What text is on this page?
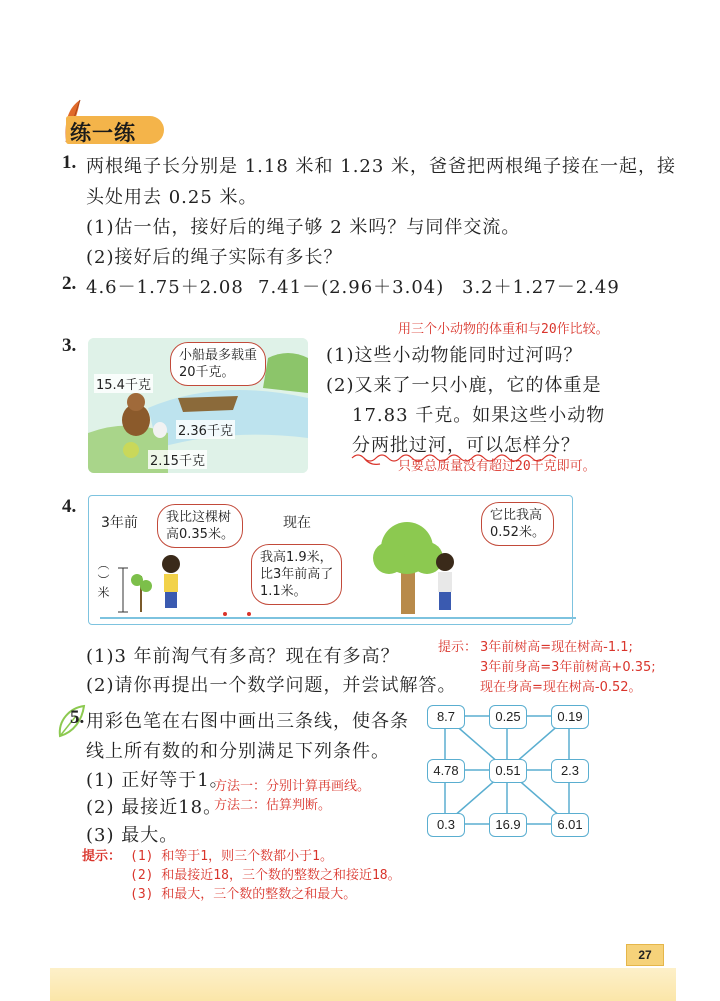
练一练
1. 两根绳子长分别是 1.18 米和 1.23 米，爸爸把两根绳子接在一起，接
头处用去 0.25 米。
(1)估一估，接好后的绳子够 2 米吗？与同伴交流。
(2)接好后的绳子实际有多长？
2. 4.6－1.75＋2.08 7.41－(2.96＋3.04) 3.2＋1.27－2.49
用三个小动物的体重和与20作比较。
3.	小船最多载重
20千克。
15.4千克
2.36千克
2.15千克
(1)这些小动物能同时过河吗？
(2)又来了一只小鹿，它的体重是
17.83 千克。如果这些小动物
分两批过河，可以怎样分？
只要总质量没有超过20千克即可。
4.
3年前 我比这棵树
高0.35米。
现在
我高1.9米，
比3年前高了
1.1米。
它比我高
0.52米。
（ ）米
(1)3 年前淘气有多高？现在有多高？
(2)请你再提出一个数学问题，并尝试解答。
提示： 3年前树高=现在树高-1.1;
3年前身高=3年前树高+0.35;
现在身高=现在树高-0.52。
5. 用彩色笔在右图中画出三条线，使各条
线上所有数的和分别满足下列条件。
(1) 正好等于1。
(2) 最接近18。
(3) 最大。
方法一：分别计算再画线。
方法二：估算判断。
8.7	0.25	0.19
4.78	0.51	2.3
0.3	16.9	6.01
提示： (1) 和等于1，则三个数都小于1。
(2) 和最接近18，三个数的整数之和接近18。
(3) 和最大，三个数的整数之和最大。
27
